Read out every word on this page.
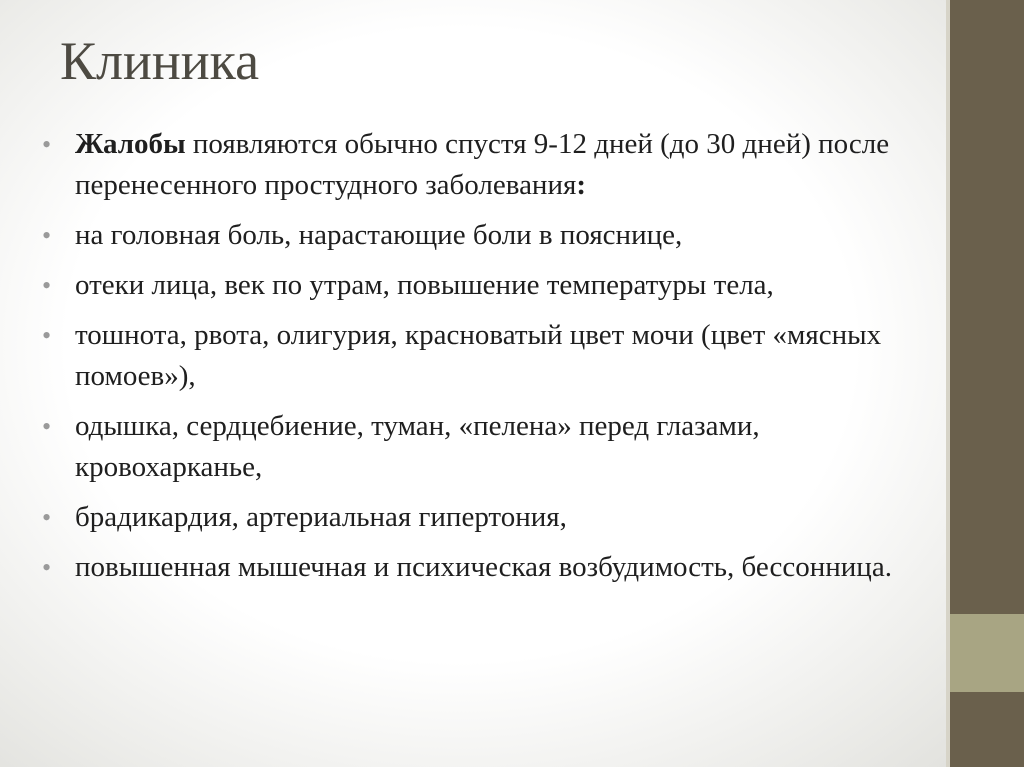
Клиника
• Жалобы появляются обычно спустя 9-12 дней (до 30 дней) после перенесенного простудного заболевания:
• на головная боль, нарастающие боли в пояснице,
• отеки лица, век по утрам, повышение температуры тела,
• тошнота, рвота, олигурия, красноватый цвет мочи (цвет «мясных помоев»),
• одышка, сердцебиение, туман, «пелена» перед глазами, кровохарканье,
• брадикардия, артериальная гипертония,
• повышенная мышечная и психическая возбудимость, бессонница.
